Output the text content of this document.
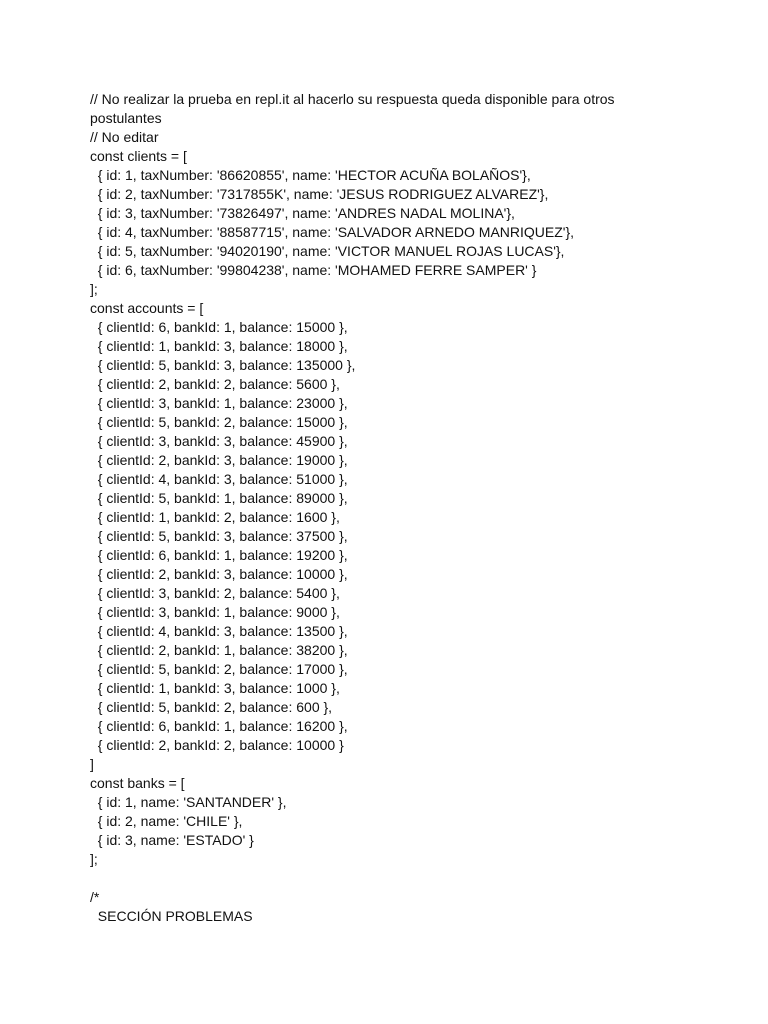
// No realizar la prueba en repl.it al hacerlo su respuesta queda disponible para otros
postulantes
// No editar
const clients = [
{ id: 1, taxNumber: '86620855', name: 'HECTOR ACUÑA BOLAÑOS'},
{ id: 2, taxNumber: '7317855K', name: 'JESUS RODRIGUEZ ALVAREZ'},
{ id: 3, taxNumber: '73826497', name: 'ANDRES NADAL MOLINA'},
{ id: 4, taxNumber: '88587715', name: 'SALVADOR ARNEDO MANRIQUEZ'},
{ id: 5, taxNumber: '94020190', name: 'VICTOR MANUEL ROJAS LUCAS'},
{ id: 6, taxNumber: '99804238', name: 'MOHAMED FERRE SAMPER' }
];
const accounts = [
{ clientId: 6, bankId: 1, balance: 15000 },
{ clientId: 1, bankId: 3, balance: 18000 },
{ clientId: 5, bankId: 3, balance: 135000 },
{ clientId: 2, bankId: 2, balance: 5600 },
{ clientId: 3, bankId: 1, balance: 23000 },
{ clientId: 5, bankId: 2, balance: 15000 },
{ clientId: 3, bankId: 3, balance: 45900 },
{ clientId: 2, bankId: 3, balance: 19000 },
{ clientId: 4, bankId: 3, balance: 51000 },
{ clientId: 5, bankId: 1, balance: 89000 },
{ clientId: 1, bankId: 2, balance: 1600 },
{ clientId: 5, bankId: 3, balance: 37500 },
{ clientId: 6, bankId: 1, balance: 19200 },
{ clientId: 2, bankId: 3, balance: 10000 },
{ clientId: 3, bankId: 2, balance: 5400 },
{ clientId: 3, bankId: 1, balance: 9000 },
{ clientId: 4, bankId: 3, balance: 13500 },
{ clientId: 2, bankId: 1, balance: 38200 },
{ clientId: 5, bankId: 2, balance: 17000 },
{ clientId: 1, bankId: 3, balance: 1000 },
{ clientId: 5, bankId: 2, balance: 600 },
{ clientId: 6, bankId: 1, balance: 16200 },
{ clientId: 2, bankId: 2, balance: 10000 }
]
const banks = [
{ id: 1, name: 'SANTANDER' },
{ id: 2, name: 'CHILE' },
{ id: 3, name: 'ESTADO' }
];
/*
SECCIÓN PROBLEMAS
